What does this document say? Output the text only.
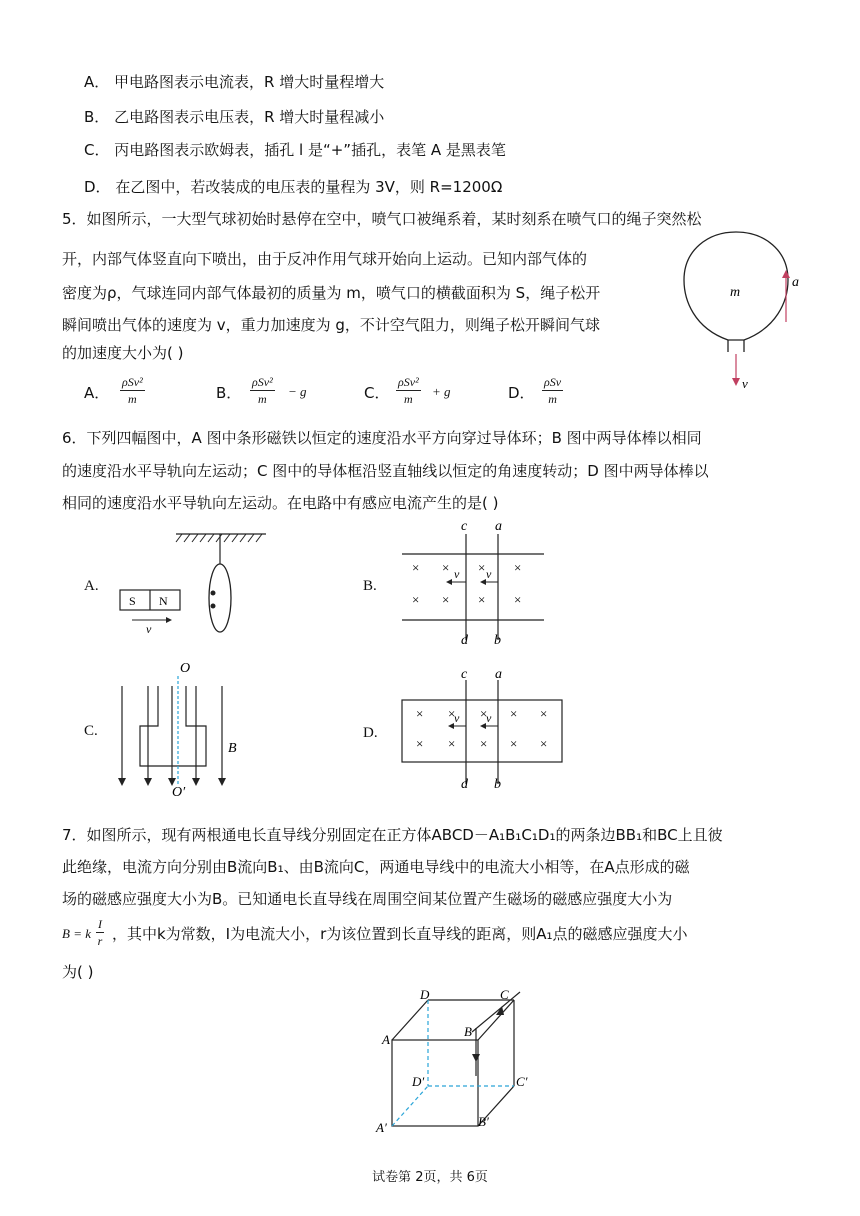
A． 甲电路图表示电流表，R 增大时量程增大
B． 乙电路图表示电压表，R 增大时量程减小
C． 丙电路图表示欧姆表，插孔 l 是“+”插孔，表笔 A 是黑表笔
D． 在乙图中，若改装成的电压表的量程为 3V，则 R=1200Ω
5．如图所示，一大型气球初始时悬停在空中，喷气口被绳系着，某时刻系在喷气口的绳子突然松
开，内部气体竖直向下喷出，由于反冲作用气球开始向上运动。已知内部气体的
密度为ρ，气球连同内部气体最初的质量为 m，喷气口的横截面积为 S，绳子松开
瞬间喷出气体的速度为 v，重力加速度为 g，不计空气阻力，则绳子松开瞬间气球
的加速度大小为( )
m
a
v
A．
ρSv²
m	B．
ρSv²
m	− g	C．
ρSv²
m	+ g	D．
ρSv
m
6．下列四幅图中，A 图中条形磁铁以恒定的速度沿水平方向穿过导体环；B 图中两导体棒以相同
的速度沿水平导轨向左运动；C 图中的导体框沿竖直轴线以恒定的角速度转动；D 图中两导体棒以
相同的速度沿水平导轨向左运动。在电路中有感应电流产生的是( )
A.
S N
v
B.
c a
d b
× × × ×
× × × ×
v v
C.
O
O′
B
D.
c a
d b
× × × × ×
× × × × ×
v v
7．如图所示，现有两根通电长直导线分别固定在正方体ABCD－A₁B₁C₁D₁的两条边BB₁和BC上且彼
此绝缘，电流方向分别由B流向B₁、由B流向C，两通电导线中的电流大小相等，在A点形成的磁
场的磁感应强度大小为B。已知通电长直导线在周围空间某位置产生磁场的磁感应强度大小为
B = k $\frac{I}{r}$ ，其中k为常数，I为电流大小，r为该位置到长直导线的距离，则A₁点的磁感应强度大小
为( )
D	C
A
B
D′	C′
A′	B′
试卷第 2页，共 6页
